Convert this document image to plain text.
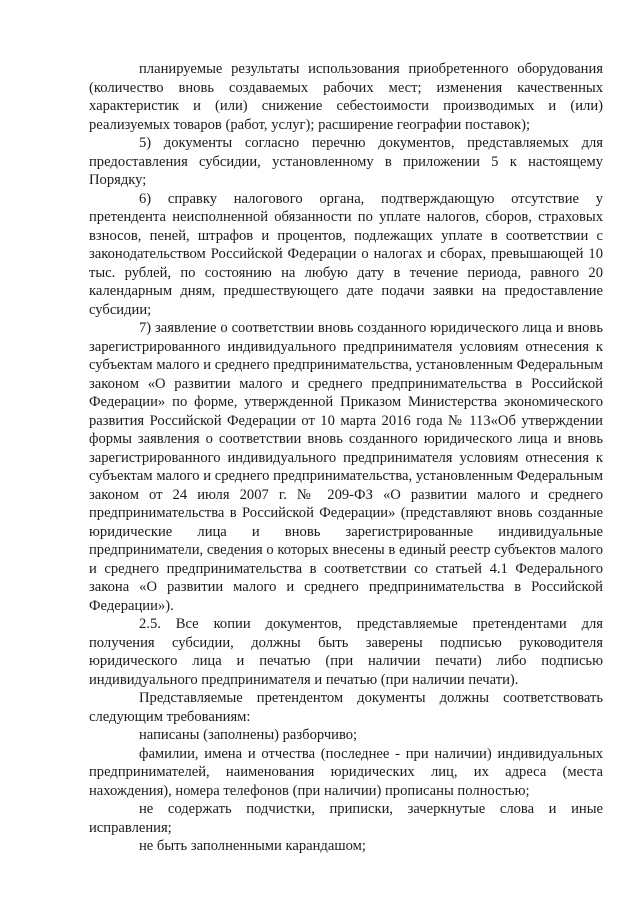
планируемые результаты использования приобретенного оборудования (количество вновь создаваемых рабочих мест; изменения качественных характеристик и (или) снижение себестоимости производимых и (или) реализуемых товаров (работ, услуг); расширение географии поставок);

5) документы согласно перечню документов, представляемых для предоставления субсидии, установленному в приложении 5 к настоящему Порядку;

6) справку налогового органа, подтверждающую отсутствие у претендента неисполненной обязанности по уплате налогов, сборов, страховых взносов, пеней, штрафов и процентов, подлежащих уплате в соответствии с законодательством Российской Федерации о налогах и сборах, превышающей 10 тыс. рублей, по состоянию на любую дату в течение периода, равного 20 календарным дням, предшествующего дате подачи заявки на предоставление субсидии;

7) заявление о соответствии вновь созданного юридического лица и вновь зарегистрированного индивидуального предпринимателя условиям отнесения к субъектам малого и среднего предпринимательства, установленным Федеральным законом «О развитии малого и среднего предпринимательства в Российской Федерации» по форме, утвержденной Приказом Министерства экономического развития Российской Федерации от 10 марта 2016 года № 113«Об утверждении формы заявления о соответствии вновь созданного юридического лица и вновь зарегистрированного индивидуального предпринимателя условиям отнесения к субъектам малого и среднего предпринимательства, установленным Федеральным законом от 24 июля 2007 г. № 209-ФЗ «О развитии малого и среднего предпринимательства в Российской Федерации» (представляют вновь созданные юридические лица и вновь зарегистрированные индивидуальные предприниматели, сведения о которых внесены в единый реестр субъектов малого и среднего предпринимательства в соответствии со статьей 4.1 Федерального закона «О развитии малого и среднего предпринимательства в Российской Федерации»).

2.5. Все копии документов, представляемые претендентами для получения субсидии, должны быть заверены подписью руководителя юридического лица и печатью (при наличии печати) либо подписью индивидуального предпринимателя и печатью (при наличии печати).

Представляемые претендентом документы должны соответствовать следующим требованиям:

написаны (заполнены) разборчиво;

фамилии, имена и отчества (последнее - при наличии) индивидуальных предпринимателей, наименования юридических лиц, их адреса (места нахождения), номера телефонов (при наличии) прописаны полностью;

не содержать подчистки, приписки, зачеркнутые слова и иные исправления;

не быть заполненными карандашом;
